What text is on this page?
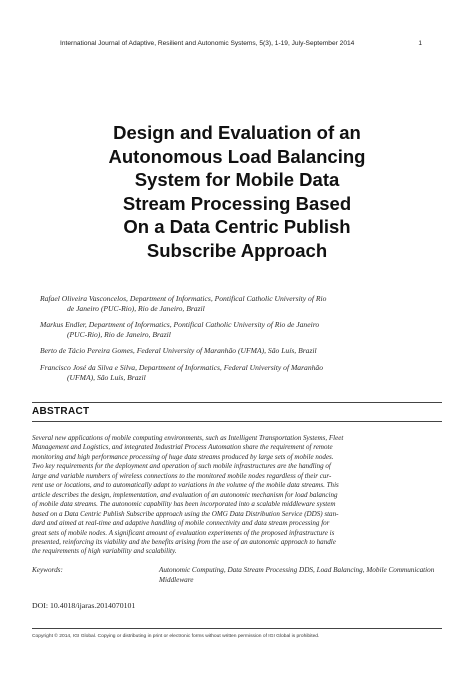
International Journal of Adaptive, Resilient and Autonomic Systems, 5(3), 1-19, July-September 2014	1
Design and Evaluation of an
Autonomous Load Balancing
System for Mobile Data
Stream Processing Based
On a Data Centric Publish
Subscribe Approach
Rafael Oliveira Vasconcelos, Department of Informatics, Pontifical Catholic University of Rio
de Janeiro (PUC-Rio), Rio de Janeiro, Brazil
Markus Endler, Department of Informatics, Pontifical Catholic University of Rio de Janeiro
(PUC-Rio), Rio de Janeiro, Brazil
Berto de Tácio Pereira Gomes, Federal University of Maranhão (UFMA), São Luís, Brazil
Francisco José da Silva e Silva, Department of Informatics, Federal University of Maranhão
(UFMA), São Luís, Brazil
ABSTRACT
Several new applications of mobile computing environments, such as Intelligent Transportation Systems, Fleet
Management and Logistics, and integrated Industrial Process Automation share the requirement of remote
monitoring and high performance processing of huge data streams produced by large sets of mobile nodes.
Two key requirements for the deployment and operation of such mobile infrastructures are the handling of
large and variable numbers of wireless connections to the monitored mobile nodes regardless of their cur-
rent use or locations, and to automatically adapt to variations in the volume of the mobile data streams. This
article describes the design, implementation, and evaluation of an autonomic mechanism for load balancing
of mobile data streams. The autonomic capability has been incorporated into a scalable middleware system
based on a Data Centric Publish Subscribe approach using the OMG Data Distribution Service (DDS) stan-
dard and aimed at real-time and adaptive handling of mobile connectivity and data stream processing for
great sets of mobile nodes. A significant amount of evaluation experiments of the proposed infrastructure is
presented, reinforcing its viability and the benefits arising from the use of an autonomic approach to handle
the requirements of high variability and scalability.
Keywords:	Autonomic Computing, Data Stream Processing DDS, Load Balancing, Mobile Communication Middleware
DOI: 10.4018/ijaras.2014070101
Copyright © 2014, IGI Global. Copying or distributing in print or electronic forms without written permission of IGI Global is prohibited.
